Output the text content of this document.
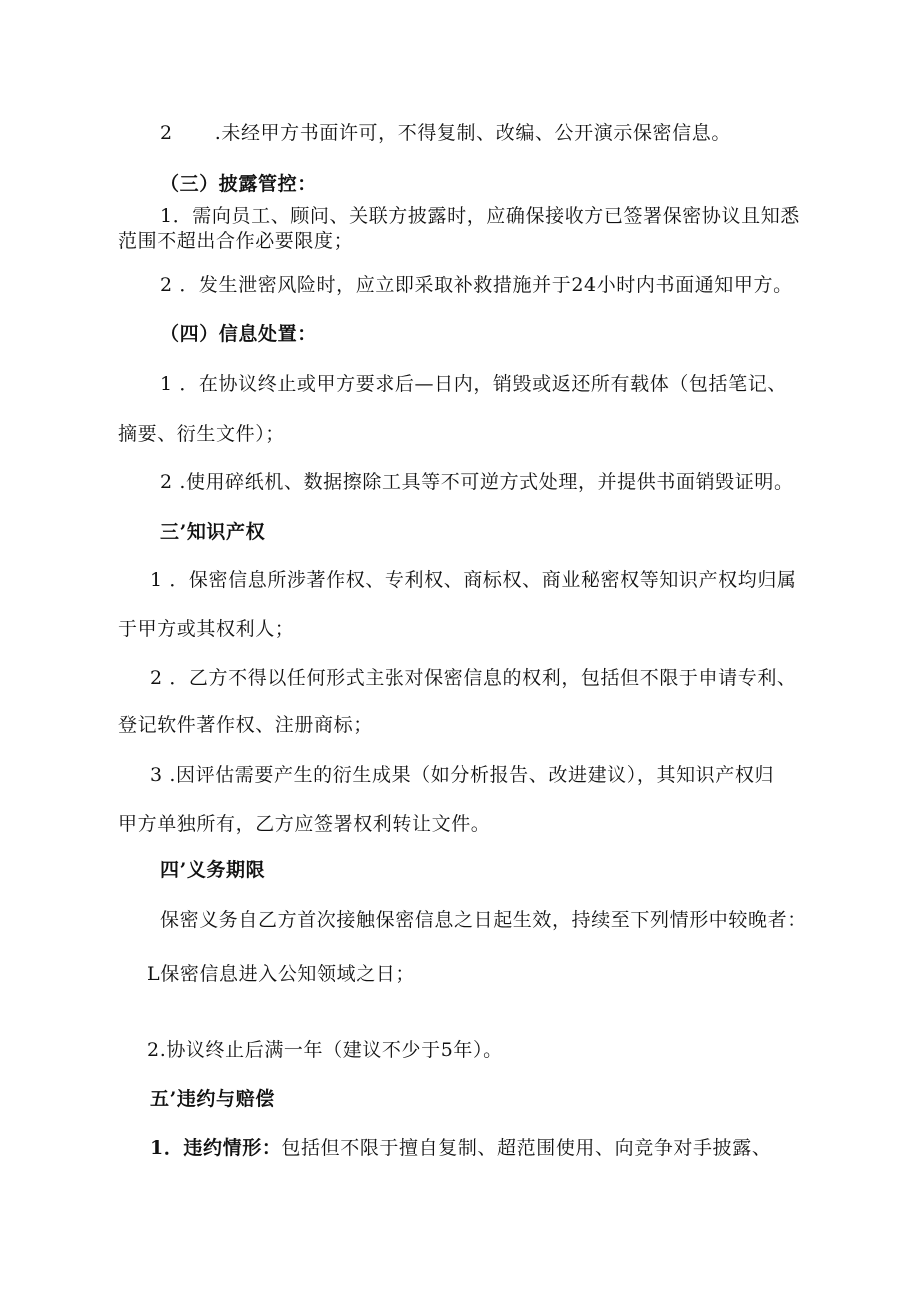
2 .未经甲方书面许可，不得复制、改编、公开演示保密信息。
（三）披露管控：
1．需向员工、顾问、关联方披露时，应确保接收方已签署保密协议且知悉
范围不超出合作必要限度；
2 ．发生泄密风险时，应立即采取补救措施并于24小时内书面通知甲方。
（四）信息处置：
1 ．在协议终止或甲方要求后—日内，销毁或返还所有载体（包括笔记、
摘要、衍生文件）；
2 .使用碎纸机、数据擦除工具等不可逆方式处理，并提供书面销毁证明。
三’知识产权
1 ．保密信息所涉著作权、专利权、商标权、商业秘密权等知识产权均归属
于甲方或其权利人；
2 ．乙方不得以任何形式主张对保密信息的权利，包括但不限于申请专利、
登记软件著作权、注册商标；
3 .因评估需要产生的衍生成果（如分析报告、改进建议），其知识产权归
甲方单独所有，乙方应签署权利转让文件。
四’义务期限
保密义务自乙方首次接触保密信息之日起生效，持续至下列情形中较晚者：
L保密信息进入公知领域之日；
2.协议终止后满一年（建议不少于5年）。
五’违约与赔偿
1．违约情形：包括但不限于擅自复制、超范围使用、向竞争对手披露、
